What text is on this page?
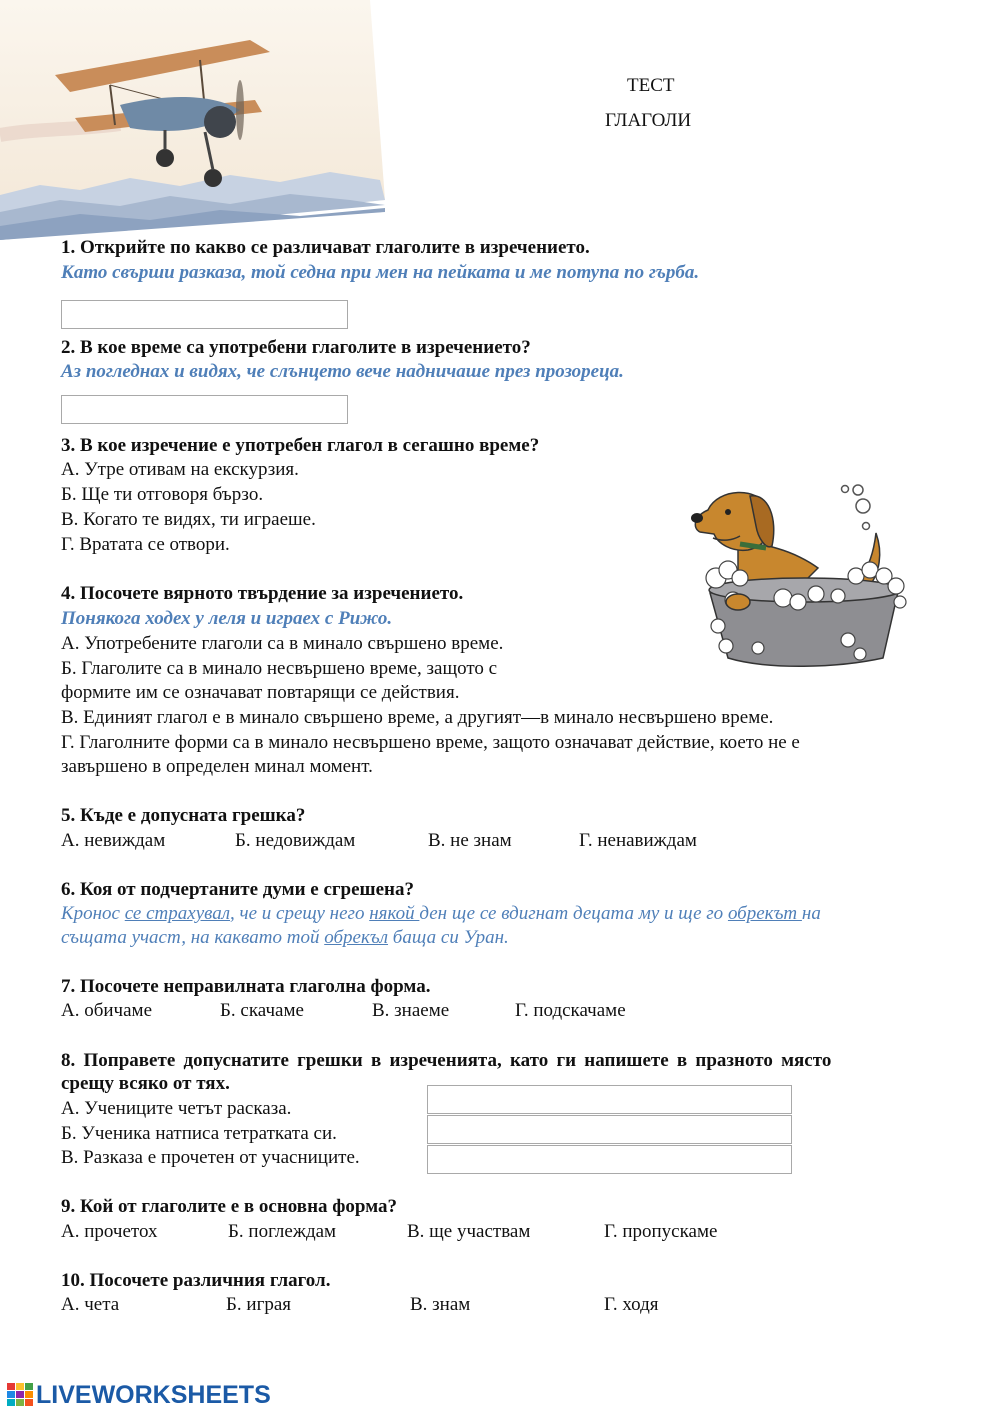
ТЕСТ
ГЛАГОЛИ
1. Открийте по какво се различават глаголите в изречението.
Като свърши разказа, той седна при мен на пейката и ме потупа по гърба.
2. В кое време са употребени глаголите в изречението?
Аз погледнах и видях, че слънцето вече надничаше през прозореца.
3. В кое изречение е употребен глагол в сегашно време?
А. Утре отивам на екскурзия.
Б. Ще ти отговоря бързо.
В. Когато те видях, ти играеше.
Г. Вратата се отвори.
4. Посочете вярното твърдение за изречението.
Понякога ходех у леля и играех с Рижо.
А. Употребените глаголи са в минало свършено време.
Б. Глаголите са в минало несвършено време, защото с
формите им се означават повтарящи се действия.
В. Единият глагол е в минало свършено време, а другият—в минало несвършено време.
Г. Глаголните форми са в минало несвършено време, защото означават действие, което не е
завършено в определен минал момент.
5. Къде е допусната грешка?
А. невиждам	Б. недовиждам	В. не знам	Г. ненавиждам
6. Коя от подчертаните думи е сгрешена?
Кронос се страхувал, че и срещу него някой ден ще се вдигнат децата му и ще го обрекът на
същата участ, на каквато той обрекъл баща си Уран.
7. Посочете неправилната глаголна форма.
А. обичаме	Б. скачаме	В. знаеме	Г. подскачаме
8. Поправете допуснатите грешки в изреченията, като ги напишете в празното място
срещу всяко от тях.
А. Учениците четът расказа.
Б. Ученика натписа тетратката си.
В. Разказа е прочетен от учасниците.
9. Кой от глаголите е в основна форма?
А. прочетох	Б. поглеждам	В. ще участвам	Г. пропускаме
10. Посочете различния глагол.
А. чета	Б. играя	В. знам	Г. ходя
LIVEWORKSHEETS
